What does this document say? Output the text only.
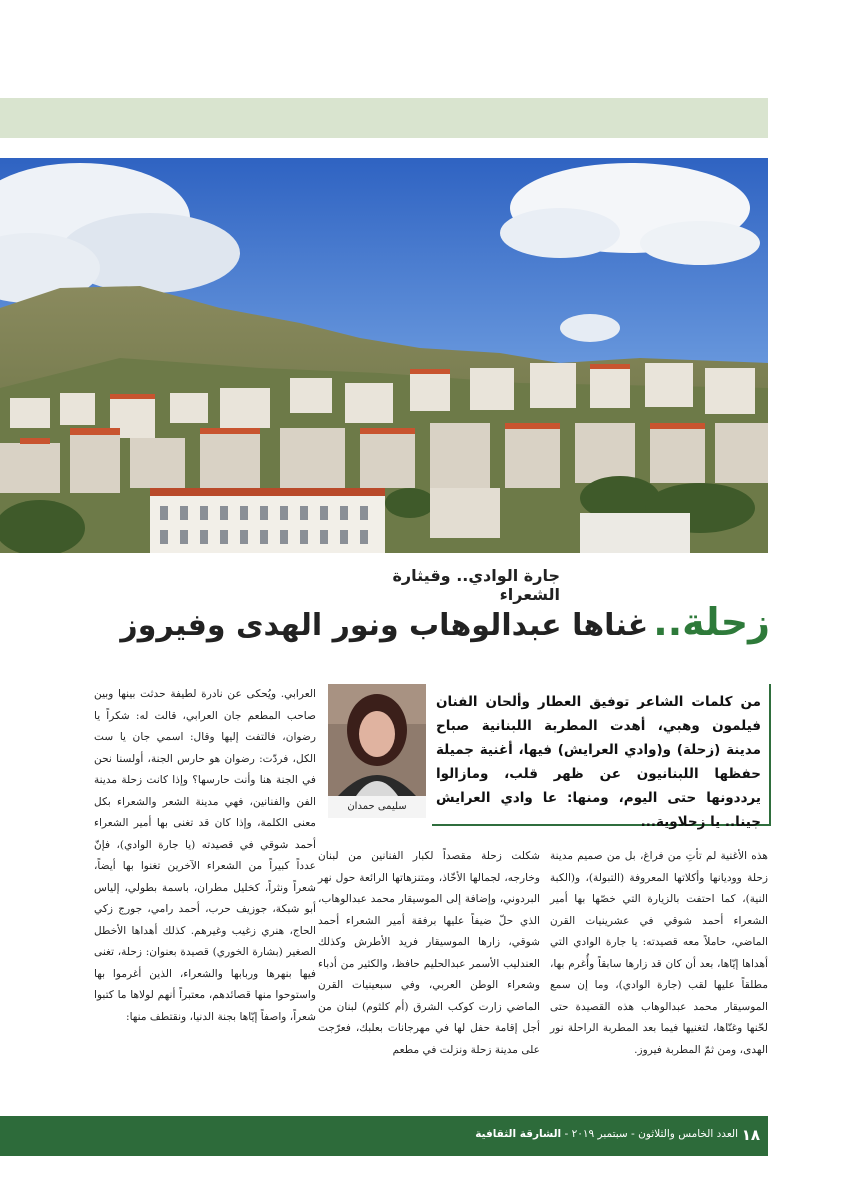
جارة الوادي.. وقيثارة الشعراء
زحلة.. غناها عبدالوهاب ونور الهدى وفيروز
من كلمات الشاعر توفيق العطار وألحان الفنان فيلمون وهبي، أهدت المطربة اللبنانية صباح مدينة (زحلة) و(وادي العرايش) فيها، أغنية جميلة حفظها اللبنانيون عن ظهر قلب، ومازالوا يرددونها حتى اليوم، ومنها: عا وادي العرايش جينا.. يا زحلاوية...
سليمى حمدان
العرابي. ويُحكى عن نادرة لطيفة حدثت بينها وبين صاحب المطعم جان العرابي، قالت له: شكراً يا رضوان، فالتفت إليها وقال: اسمي جان يا ست الكل، فردّت: رضوان هو حارس الجنة، أولسنا نحن في الجنة هنا وأنت حارسها؟ وإذا كانت زحلة مدينة الفن والفنانين، فهي مدينة الشعر والشعراء بكل معنى الكلمة، وإذا كان قد تغنى بها أمير الشعراء أحمد شوقي في قصيدته (يا جارة الوادي)، فإنّ عدداً كبيراً من الشعراء الآخرين تغنوا بها أيضاً، شعراً ونثراً، كخليل مطران، باسمة بطولي، إلياس أبو شبكة، جوزيف حرب، أحمد رامي، جورج زكي الحاج، هنري زغيب وغيرهم. كذلك أهداها الأخطل الصغير (بشارة الخوري) قصيدة بعنوان: زحلة، تغنى فيها بنهرها وربابها والشعراء، الذين أغرموا بها واستوحوا منها قصائدهم، معتبراً أنهم لولاها ما كتبوا شعراً، واصفاً إيّاها بجنة الدنيا، ونقتطف منها:
شكلت زحلة مقصداً لكبار الفنانين من لبنان وخارجه، لجمالها الأخّاذ، ومتنزهاتها الرائعة حول نهر البردوني، وإضافة إلى الموسيقار محمد عبدالوهاب، الذي حلّ ضيفاً عليها برفقة أمير الشعراء أحمد شوقي، زارها الموسيقار فريد الأطرش وكذلك العندليب الأسمر عبدالحليم حافظ، والكثير من أدباء وشعراء الوطن العربي، وفي سبعينيات القرن الماضي زارت كوكب الشرق (أم كلثوم) لبنان من أجل إقامة حفل لها في مهرجانات بعلبك، فعرّجت على مدينة زحلة ونزلت في مطعم
هذه الأغنية لم تأتِ من فراغ، بل من صميم مدينة زحلة ووديانها وأكلاتها المعروفة (التبولة)، و(الكبة النية)، كما احتفت بالزيارة التي خصّها بها أمير الشعراء أحمد شوقي في عشرينيات القرن الماضي، حاملاً معه قصيدته: يا جارة الوادي التي أهداها إيّاها، بعد أن كان قد زارها سابقاً وأُغرم بها، مطلقاً عليها لقب (جارة الوادي)، وما إن سمع الموسيقار محمد عبدالوهاب هذه القصيدة حتى لحّنها وغنّاها، لتغنيها فيما بعد المطربة الراحلة نور الهدى، ومن ثمّ المطربة فيروز.
العدد الخامس والثلاثون - سبتمبر ٢٠١٩ - الشارقة الثقافية	١٨
